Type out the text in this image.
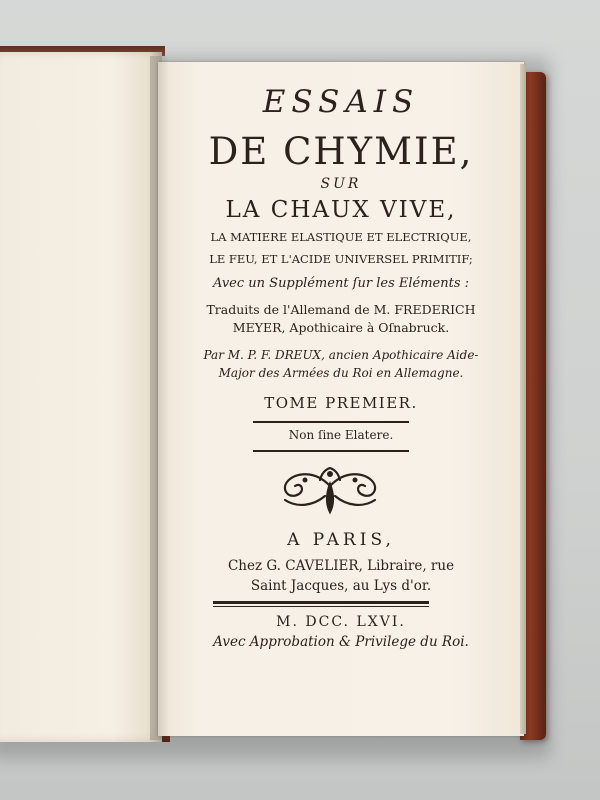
ESSAIS
DE CHYMIE,
SUR
LA CHAUX VIVE,
LA MATIERE ELASTIQUE ET ELECTRIQUE,
LE FEU, ET L'ACIDE UNIVERSEL PRIMITIF;
Avec un Supplément ſur les Eléments :
Traduits de l'Allemand de M. FREDERICH
MEYER, Apothicaire à Oſnabruck.
Par M. P. F. DREUX, ancien Apothicaire Aide-
Major des Armées du Roi en Allemagne.
TOME PREMIER.
Non ſine Elatere.
A PARIS,
Chez G. CAVELIER, Libraire, rue
Saint Jacques, au Lys d'or.
M. DCC. LXVI.
Avec Approbation & Privilege du Roi.
